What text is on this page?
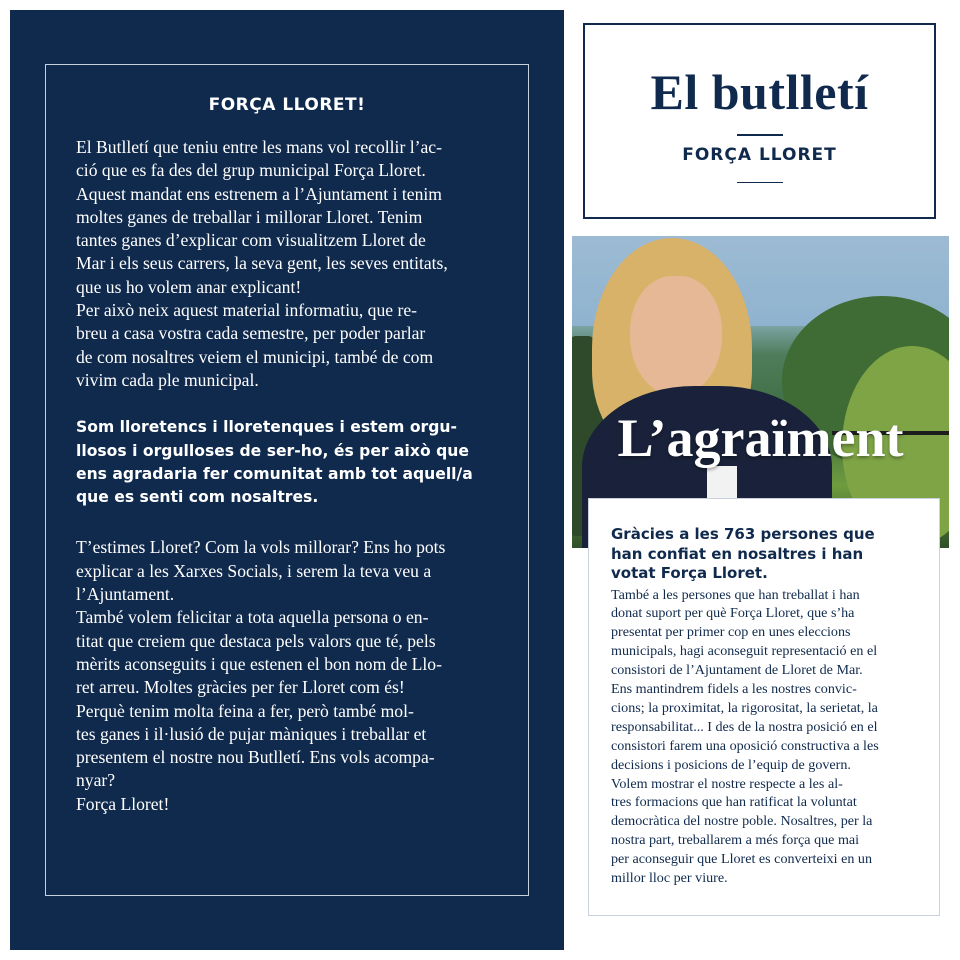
FORÇA LLORET!

El Butlletí que teniu entre les mans vol recollir l’ac-
ció que es fa des del grup municipal Força Lloret.
Aquest mandat ens estrenem a l’Ajuntament i tenim
moltes ganes de treballar i millorar Lloret. Tenim
tantes ganes d’explicar com visualitzem Lloret de
Mar i els seus carrers, la seva gent, les seves entitats,
que us ho volem anar explicant!
Per això neix aquest material informatiu, que re-
breu a casa vostra cada semestre, per poder parlar
de com nosaltres veiem el municipi, també de com
vivim cada ple municipal.

Som lloretencs i lloretenques i estem orgu-
llosos i orgulloses de ser-ho, és per això que
ens agradaria fer comunitat amb tot aquell/a
que es senti com nosaltres.

T’estimes Lloret? Com la vols millorar? Ens ho pots
explicar a les Xarxes Socials, i serem la teva veu a
l’Ajuntament.
També volem felicitar a tota aquella persona o en-
titat que creiem que destaca pels valors que té, pels
mèrits aconseguits i que estenen el bon nom de Llo-
ret arreu. Moltes gràcies per fer Lloret com és!
Perquè tenim molta feina a fer, però també mol-
tes ganes i il·lusió de pujar màniques i treballar et
presentem el nostre nou Butlletí. Ens vols acompa-
nyar?
Força Lloret!

El butlletí
FORÇA LLORET
L’agraïment

Gràcies a les 763 persones que
han confiat en nosaltres i han
votat Força Lloret.

També a les persones que han treballat i han
donat suport per què Força Lloret, que s’ha
presentat per primer cop en unes eleccions
municipals, hagi aconseguit representació en el
consistori de l’Ajuntament de Lloret de Mar.
Ens mantindrem fidels a les nostres convic-
cions; la proximitat, la rigorositat, la serietat, la
responsabilitat... I des de la nostra posició en el
consistori farem una oposició constructiva a les
decisions i posicions de l’equip de govern.
Volem mostrar el nostre respecte a les al-
tres formacions que han ratificat la voluntat
democràtica del nostre poble. Nosaltres, per la
nostra part, treballarem a més força que mai
per aconseguir que Lloret es converteixi en un
millor lloc per viure.
